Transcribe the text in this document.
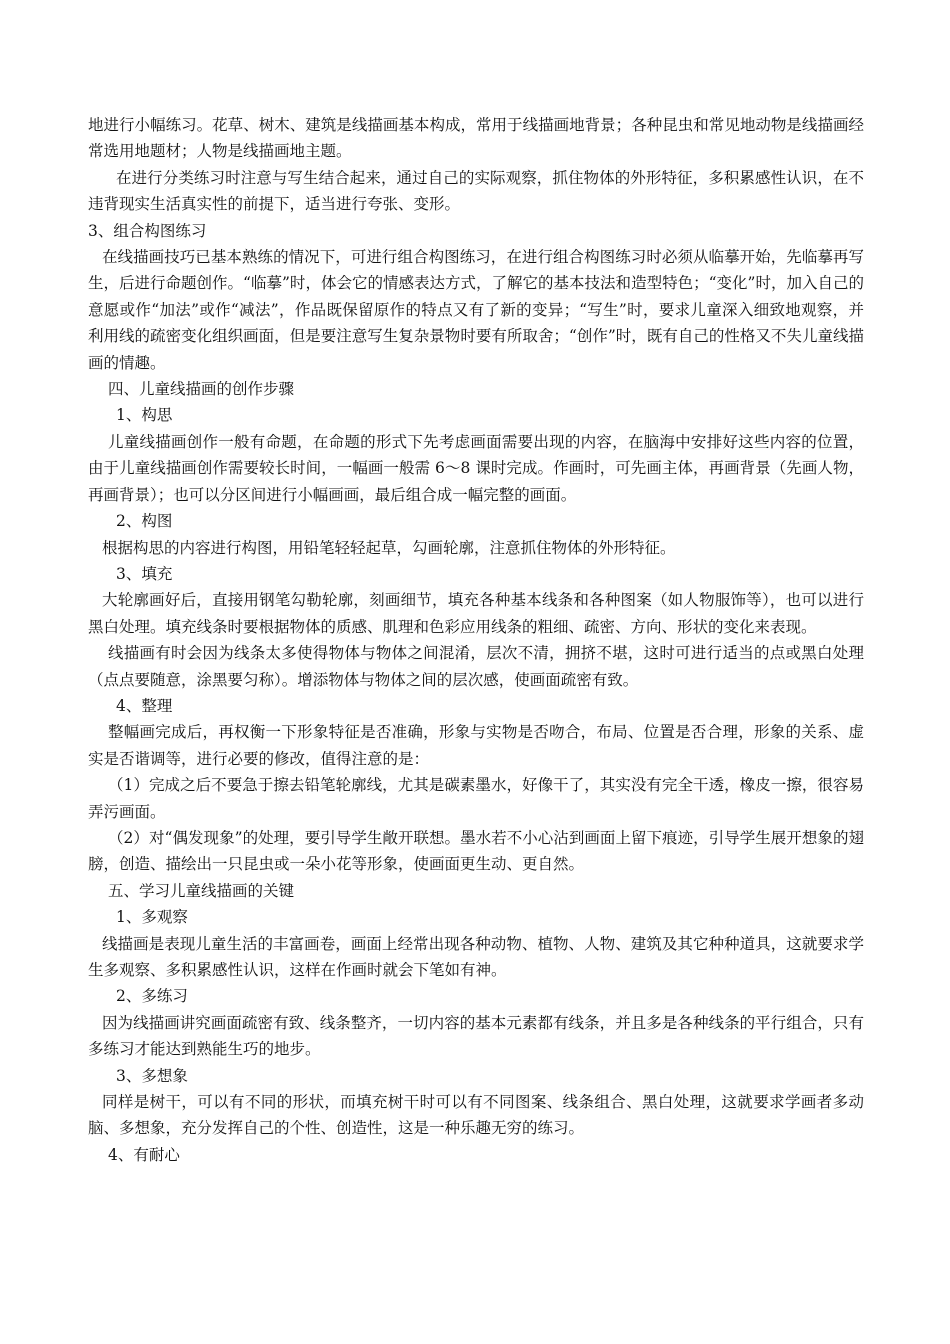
地进行小幅练习。花草、树木、建筑是线描画基本构成，常用于线描画地背景；各种昆虫和常见地动物是线描画经常选用地题材；人物是线描画地主题。

在进行分类练习时注意与写生结合起来，通过自己的实际观察，抓住物体的外形特征，多积累感性认识，在不违背现实生活真实性的前提下，适当进行夸张、变形。

3、组合构图练习

在线描画技巧已基本熟练的情况下，可进行组合构图练习，在进行组合构图练习时必须从临摹开始，先临摹再写生，后进行命题创作。“临摹”时，体会它的情感表达方式，了解它的基本技法和造型特色；“变化”时，加入自己的意愿或作“加法”或作“减法”，作品既保留原作的特点又有了新的变异；“写生”时，要求儿童深入细致地观察，并利用线的疏密变化组织画面，但是要注意写生复杂景物时要有所取舍；“创作”时，既有自己的性格又不失儿童线描画的情趣。

四、儿童线描画的创作步骤

1、构思

儿童线描画创作一般有命题，在命题的形式下先考虑画面需要出现的内容，在脑海中安排好这些内容的位置，由于儿童线描画创作需要较长时间，一幅画一般需 6～8 课时完成。作画时，可先画主体，再画背景（先画人物，再画背景）；也可以分区间进行小幅画画，最后组合成一幅完整的画面。

2、构图

根据构思的内容进行构图，用铅笔轻轻起草，勾画轮廓，注意抓住物体的外形特征。

3、填充

大轮廓画好后，直接用钢笔勾勒轮廓，刻画细节，填充各种基本线条和各种图案（如人物服饰等），也可以进行黑白处理。填充线条时要根据物体的质感、肌理和色彩应用线条的粗细、疏密、方向、形状的变化来表现。

线描画有时会因为线条太多使得物体与物体之间混淆，层次不清，拥挤不堪，这时可进行适当的点或黑白处理（点点要随意，涂黑要匀称）。增添物体与物体之间的层次感，使画面疏密有致。

4、整理

整幅画完成后，再权衡一下形象特征是否准确，形象与实物是否吻合，布局、位置是否合理，形象的关系、虚实是否谐调等，进行必要的修改，值得注意的是：

（1）完成之后不要急于擦去铅笔轮廓线，尤其是碳素墨水，好像干了，其实没有完全干透，橡皮一擦，很容易弄污画面。

（2）对“偶发现象”的处理，要引导学生敞开联想。墨水若不小心沾到画面上留下痕迹，引导学生展开想象的翅膀，创造、描绘出一只昆虫或一朵小花等形象，使画面更生动、更自然。

五、学习儿童线描画的关键

1、多观察

线描画是表现儿童生活的丰富画卷，画面上经常出现各种动物、植物、人物、建筑及其它种种道具，这就要求学生多观察、多积累感性认识，这样在作画时就会下笔如有神。

2、多练习

因为线描画讲究画面疏密有致、线条整齐，一切内容的基本元素都有线条，并且多是各种线条的平行组合，只有多练习才能达到熟能生巧的地步。

3、多想象

同样是树干，可以有不同的形状，而填充树干时可以有不同图案、线条组合、黑白处理，这就要求学画者多动脑、多想象，充分发挥自己的个性、创造性，这是一种乐趣无穷的练习。

4、有耐心
